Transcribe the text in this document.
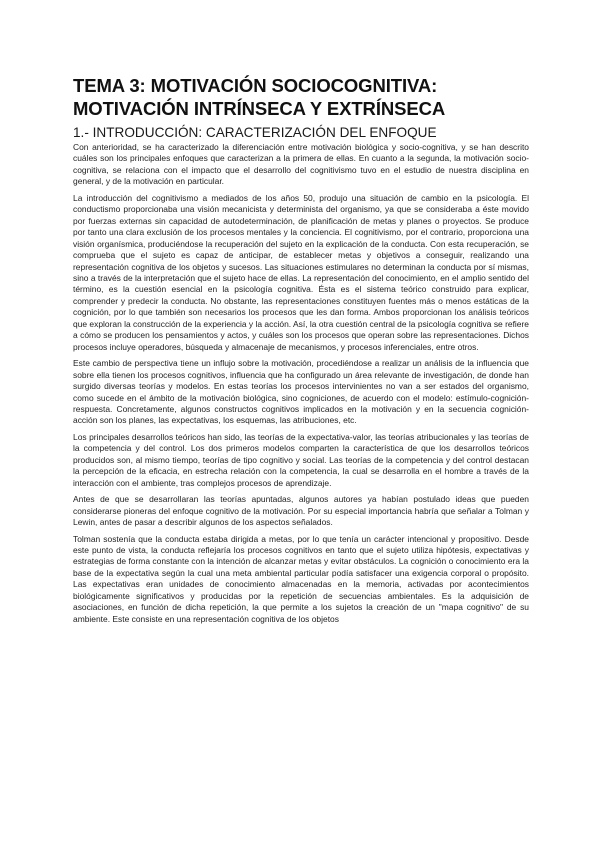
TEMA 3: MOTIVACIÓN SOCIOCOGNITIVA:
MOTIVACIÓN INTRÍNSECA Y EXTRÍNSECA
1.- INTRODUCCIÓN: CARACTERIZACIÓN DEL ENFOQUE

Con anterioridad, se ha caracterizado la diferenciación entre motivación biológica y socio-cognitiva, y se han descrito cuáles son los principales enfoques que caracterizan a la primera de ellas. En cuanto a la segunda, la motivación socio- cognitiva, se relaciona con el impacto que el desarrollo del cognitivismo tuvo en el estudio de nuestra disciplina en general, y de la motivación en particular.

La introducción del cognitivismo a mediados de los años 50, produjo una situación de cambio en la psicología. El conductismo proporcionaba una visión mecanicista y determinista del organismo, ya que se consideraba a éste movido por fuerzas externas sin capacidad de autodeterminación, de planificación de metas y planes o proyectos. Se produce por tanto una clara exclusión de los procesos mentales y la conciencia. El cognitivismo, por el contrario, proporciona una visión organísmica, produciéndose la recuperación del sujeto en la explicación de la conducta. Con esta recuperación, se comprueba que el sujeto es capaz de anticipar, de establecer metas y objetivos a conseguir, realizando una representación cognitiva de los objetos y sucesos. Las situaciones estimulares no determinan la conducta por sí mismas, sino a través de la interpretación que el sujeto hace de ellas. La representación del conocimiento, en el amplio sentido del término, es la cuestión esencial en la psicología cognitiva. Ésta es el sistema teórico construido para explicar, comprender y predecir la conducta. No obstante, las representaciones constituyen fuentes más o menos estáticas de la cognición, por lo que también son necesarios los procesos que les dan forma. Ambos proporcionan los análisis teóricos que exploran la construcción de la experiencia y la acción. Así, la otra cuestión central de la psicología cognitiva se refiere a cómo se producen los pensamientos y actos, y cuáles son los procesos que operan sobre las representaciones. Dichos procesos incluye operadores, búsqueda y almacenaje de mecanismos, y procesos inferenciales, entre otros.

Este cambio de perspectiva tiene un influjo sobre la motivación, procediéndose a realizar un análisis de la influencia que sobre ella tienen los procesos cognitivos, influencia que ha configurado un área relevante de investigación, de donde han surgido diversas teorías y modelos. En estas teorías los procesos intervinientes no van a ser estados del organismo, como sucede en el ámbito de la motivación biológica, sino cogniciones, de acuerdo con el modelo: estímulo-cognición-respuesta. Concretamente, algunos constructos cognitivos implicados en la motivación y en la secuencia cognición-acción son los planes, las expectativas, los esquemas, las atribuciones, etc.

Los principales desarrollos teóricos han sido, las teorías de la expectativa-valor, las teorías atribucionales y las teorías de la competencia y del control. Los dos primeros modelos comparten la característica de que los desarrollos teóricos producidos son, al mismo tiempo, teorías de tipo cognitivo y social. Las teorías de la competencia y del control destacan la percepción de la eficacia, en estrecha relación con la competencia, la cual se desarrolla en el hombre a través de la interacción con el ambiente, tras complejos procesos de aprendizaje.

Antes de que se desarrollaran las teorías apuntadas, algunos autores ya habían postulado ideas que pueden considerarse pioneras del enfoque cognitivo de la motivación. Por su especial importancia habría que señalar a Tolman y Lewin, antes de pasar a describir algunos de los aspectos señalados.

Tolman sostenía que la conducta estaba dirigida a metas, por lo que tenía un carácter intencional y propositivo. Desde este punto de vista, la conducta reflejaría los procesos cognitivos en tanto que el sujeto utiliza hipótesis, expectativas y estrategias de forma constante con la intención de alcanzar metas y evitar obstáculos. La cognición o conocimiento era la base de la expectativa según la cual una meta ambiental particular podía satisfacer una exigencia corporal o propósito. Las expectativas eran unidades de conocimiento almacenadas en la memoria, activadas por acontecimientos biológicamente significativos y producidas por la repetición de secuencias ambientales. Es la adquisición de asociaciones, en función de dicha repetición, la que permite a los sujetos la creación de un "mapa cognitivo" de su ambiente. Este consiste en una representación cognitiva de los objetos
